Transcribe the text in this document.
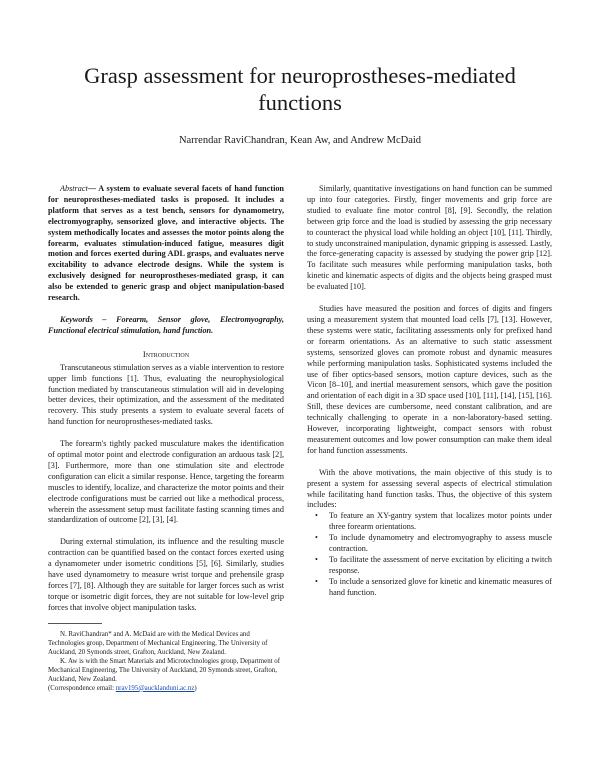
Grasp assessment for neuroprostheses-mediated functions

Narrendar RaviChandran, Kean Aw, and Andrew McDaid

Abstract— A system to evaluate several facets of hand function for neuroprostheses-mediated tasks is proposed. It includes a platform that serves as a test bench, sensors for dynamometry, electromyography, sensorized glove, and interactive objects. The system methodically locates and assesses the motor points along the forearm, evaluates stimulation-induced fatigue, measures digit motion and forces exerted during ADL grasps, and evaluates nerve excitability to advance electrode designs. While the system is exclusively designed for neuroprostheses-mediated grasp, it can also be extended to generic grasp and object manipulation-based research.

Keywords – Forearm, Sensor glove, Electromyography, Functional electrical stimulation, hand function.

Introduction

Transcutaneous stimulation serves as a viable intervention to restore upper limb functions [1]. Thus, evaluating the neurophysiological function mediated by transcutaneous stimulation will aid in developing better devices, their optimization, and the assessment of the meditated recovery. This study presents a system to evaluate several facets of hand function for neuroprostheses-mediated tasks.

The forearm's tightly packed musculature makes the identification of optimal motor point and electrode configuration an arduous task [2], [3]. Furthermore, more than one stimulation site and electrode configuration can elicit a similar response. Hence, targeting the forearm muscles to identify, localize, and characterize the motor points and their electrode configurations must be carried out like a methodical process, wherein the assessment setup must facilitate fasting scanning times and standardization of outcome [2], [3], [4].

During external stimulation, its influence and the resulting muscle contraction can be quantified based on the contact forces exerted using a dynamometer under isometric conditions [5], [6]. Similarly, studies have used dynamometry to measure wrist torque and prehensile grasp forces [7], [8]. Although they are suitable for larger forces such as wrist torque or isometric digit forces, they are not suitable for low-level grip forces that involve object manipulation tasks.

N. RaviChandran* and A. McDaid are with the Medical Devices and Technologies group, Department of Mechanical Engineering, The University of Auckland, 20 Symonds street, Grafton, Auckland, New Zealand.

K. Aw is with the Smart Materials and Microtechnologies group, Department of Mechanical Engineering, The University of Auckland, 20 Symonds street, Grafton, Auckland, New Zealand.

(Correspondence email: nrav195@aucklanduni.ac.nz)

Similarly, quantitative investigations on hand function can be summed up into four categories. Firstly, finger movements and grip force are studied to evaluate fine motor control [8], [9]. Secondly, the relation between grip force and the load is studied by assessing the grip necessary to counteract the physical load while holding an object [10], [11]. Thirdly, to study unconstrained manipulation, dynamic gripping is assessed. Lastly, the force-generating capacity is assessed by studying the power grip [12]. To facilitate such measures while performing manipulation tasks, both kinetic and kinematic aspects of digits and the objects being grasped must be evaluated [10].

Studies have measured the position and forces of digits and fingers using a measurement system that mounted load cells [7], [13]. However, these systems were static, facilitating assessments only for prefixed hand or forearm orientations. As an alternative to such static assessment systems, sensorized gloves can promote robust and dynamic measures while performing manipulation tasks. Sophisticated systems included the use of fiber optics-based sensors, motion capture devices, such as the Vicon [8–10], and inertial measurement sensors, which gave the position and orientation of each digit in a 3D space used [10], [11], [14], [15], [16]. Still, these devices are cumbersome, need constant calibration, and are technically challenging to operate in a non-laboratory-based setting. However, incorporating lightweight, compact sensors with robust measurement outcomes and low power consumption can make them ideal for hand function assessments.

With the above motivations, the main objective of this study is to present a system for assessing several aspects of electrical stimulation while facilitating hand function tasks. Thus, the objective of this system includes:

• To feature an XY-gantry system that localizes motor points under three forearm orientations.
• To include dynamometry and electromyography to assess muscle contraction.
• To facilitate the assessment of nerve excitation by eliciting a twitch response.
• To include a sensorized glove for kinetic and kinematic measures of hand function.
